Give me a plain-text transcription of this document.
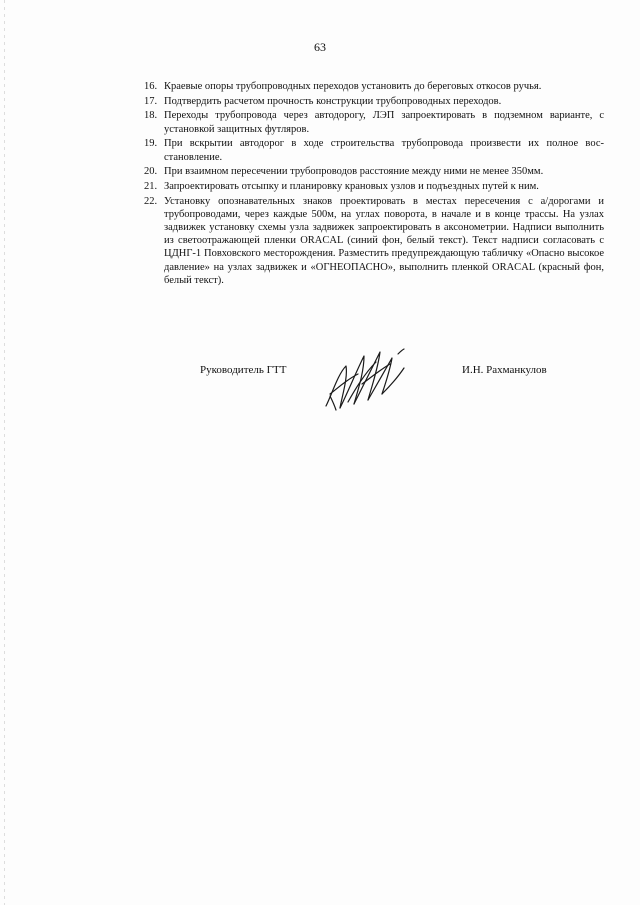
63
16. Краевые опоры трубопроводных переходов установить до береговых откосов ручья.
17. Подтвердить расчетом прочность конструкции трубопроводных переходов.
18. Переходы трубопровода через автодорогу, ЛЭП запроектировать в подземном варианте, с установкой защитных футляров.
19. При вскрытии автодорог в ходе строительства трубопровода произвести их полное восстановление.
20. При взаимном пересечении трубопроводов расстояние между ними не менее 350мм.
21. Запроектировать отсыпку и планировку крановых узлов и подъездных путей к ним.
22. Установку опознавательных знаков проектировать в местах пересечения с а/дорогами и трубопроводами, через каждые 500м, на углах поворота, в начале и в конце трассы. На узлах задвижек установку схемы узла задвижек запроектировать в аксонометрии. Надписи выполнить из светоотражающей пленки ORACAL (синий фон, белый текст). Текст надписи согласовать с ЦДНГ-1 Повховского месторождения. Разместить предупреждающую табличку «Опасно высокое давление» на узлах задвижек и «ОГНЕОПАСНО», выполнить пленкой ORACAL (красный фон, белый текст).
Руководитель ГТТ	И.Н. Рахманкулов
